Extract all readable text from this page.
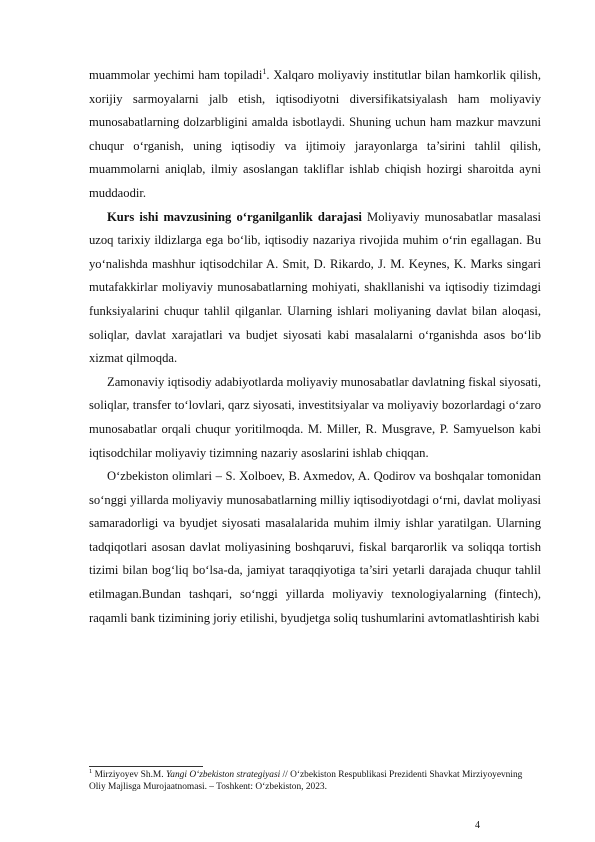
muammolar yechimi ham topiladi$^1$. Xalqaro moliyaviy institutlar bilan hamkorlik qilish, xorijiy sarmoyalarni jalb etish, iqtisodiyotni diversifikatsiyalash ham moliyaviy munosabatlarning dolzarbligini amalda isbotlaydi. Shuning uchun ham mazkur mavzuni chuqur o‘rganish, uning iqtisodiy va ijtimoiy jarayonlarga ta’sirini tahlil qilish, muammolarni aniqlab, ilmiy asoslangan takliflar ishlab chiqish hozirgi sharoitda ayni muddaodir.

Kurs ishi mavzusining o‘rganilganlik darajasi Moliyaviy munosabatlar masalasi uzoq tarixiy ildizlarga ega bo‘lib, iqtisodiy nazariya rivojida muhim o‘rin egallagan. Bu yo‘nalishda mashhur iqtisodchilar A. Smit, D. Rikardo, J. M. Keynes, K. Marks singari mutafakkirlar moliyaviy munosabatlarning mohiyati, shakllanishi va iqtisodiy tizimdagi funksiyalarini chuqur tahlil qilganlar. Ularning ishlari moliyaning davlat bilan aloqasi, soliqlar, davlat xarajatlari va budjet siyosati kabi masalalarni o‘rganishda asos bo‘lib xizmat qilmoqda.

Zamonaviy iqtisodiy adabiyotlarda moliyaviy munosabatlar davlatning fiskal siyosati, soliqlar, transfer to‘lovlari, qarz siyosati, investitsiyalar va moliyaviy bozorlardagi o‘zaro munosabatlar orqali chuqur yoritilmoqda. M. Miller, R. Musgrave, P. Samyuelson kabi iqtisodchilar moliyaviy tizimning nazariy asoslarini ishlab chiqqan.

O‘zbekiston olimlari – S. Xolboev, B. Axmedov, A. Qodirov va boshqalar tomonidan so‘nggi yillarda moliyaviy munosabatlarning milliy iqtisodiyotdagi o‘rni, davlat moliyasi samaradorligi va byudjet siyosati masalalarida muhim ilmiy ishlar yaratilgan. Ularning tadqiqotlari asosan davlat moliyasining boshqaruvi, fiskal barqarorlik va soliqqa tortish tizimi bilan bog‘liq bo‘lsa-da, jamiyat taraqqiyotiga ta’siri yetarli darajada chuqur tahlil etilmagan.Bundan tashqari, so‘nggi yillarda moliyaviy texnologiyalarning (fintech), raqamli bank tizimining joriy etilishi, byudjetga soliq tushumlarini avtomatlashtirish kabi

$^1$ Mirziyoyev Sh.M. Yangi O‘zbekiston strategiyasi // O‘zbekiston Respublikasi Prezidenti Shavkat Mirziyoyevning Oliy Majlisga Murojaatnomasi. – Toshkent: O‘zbekiston, 2023.
4
